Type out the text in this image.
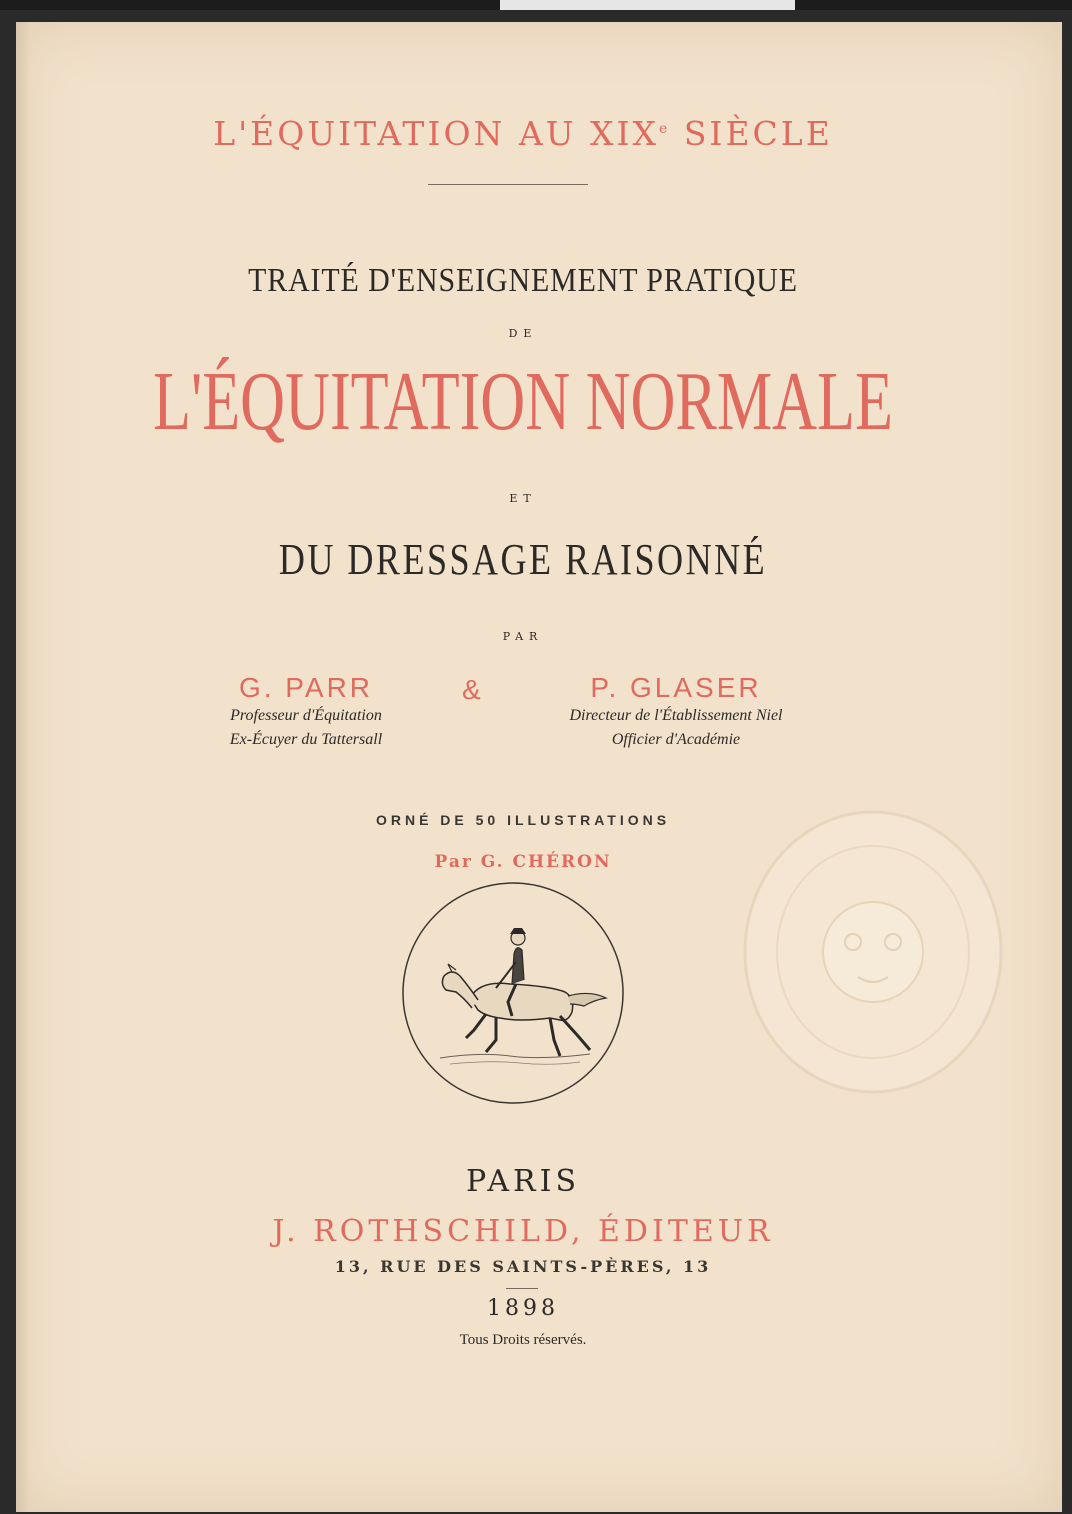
L'ÉQUITATION AU XIXe SIÈCLE
TRAITÉ D'ENSEIGNEMENT PRATIQUE
DE
L'ÉQUITATION NORMALE
ET
DU DRESSAGE RAISONNÉ
PAR
G. PARR
Professeur d'Équitation
Ex-Écuyer du Tattersall
&	P. GLASER
Directeur de l'Établissement Niel
Officier d'Académie
ORNÉ DE 50 ILLUSTRATIONS
Par G. CHÉRON
PARIS
J. ROTHSCHILD, ÉDITEUR
13, RUE DES SAINTS-PÈRES, 13
1898
Tous Droits réservés.
